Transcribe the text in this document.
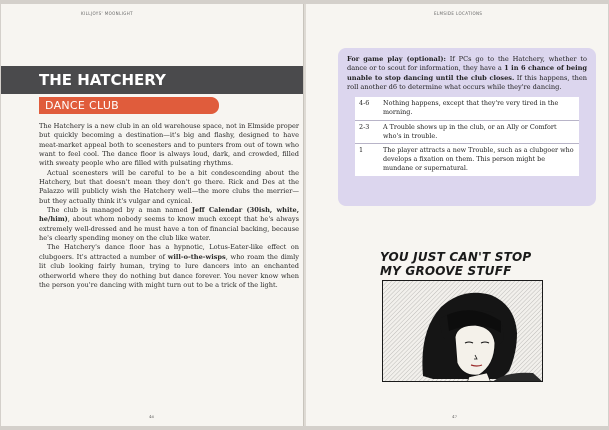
KILLJOYS' MOONLIGHT
THE HATCHERY
DANCE CLUB

The Hatchery is a new club in an old warehouse space, not in Elmside proper but quickly becoming a destination—it's big and flashy, designed to have meat-market appeal both to scenesters and to punters from out of town who want to feel cool. The dance floor is always loud, dark, and crowded, filled with sweaty people who are filled with pulsating rhythms.

Actual scenesters will be careful to be a bit condescending about the Hatchery, but that doesn't mean they don't go there. Rick and Des at the Palazzo will publicly wish the Hatchery well—the more clubs the merrier—but they actually think it's vulgar and cynical.

The club is managed by a man named Jeff Calendar (30ish, white, he/him), about whom nobody seems to know much except that he's always extremely well-dressed and he must have a ton of financial backing, because he's clearly spending money on the club like water.

The Hatchery's dance floor has a hypnotic, Lotus-Eater-like effect on clubgoers. It's attracted a number of will-o-the-wisps, who roam the dimly lit club looking fairly human, trying to lure dancers into an enchanted otherworld where they do nothing but dance forever. You never know when the person you're dancing with might turn out to be a trick of the light.

46
ELMSIDE LOCATIONS
For game play (optional): If PCs go to the Hatchery, whether to dance or to scout for information, they have a 1 in 6 chance of being unable to stop dancing until the club closes. If this happens, then roll another d6 to determine what occurs while they're dancing.
4-6	Nothing happens, except that they're very tired in the morning.
2-3	A Trouble shows up in the club, or an Ally or Comfort who's in trouble.
1	The player attracts a new Trouble, such as a clubgoer who develops a fixation on them. This person might be mundane or supernatural.
YOU JUST CAN'T STOP
MY GROOVE STUFF
47
